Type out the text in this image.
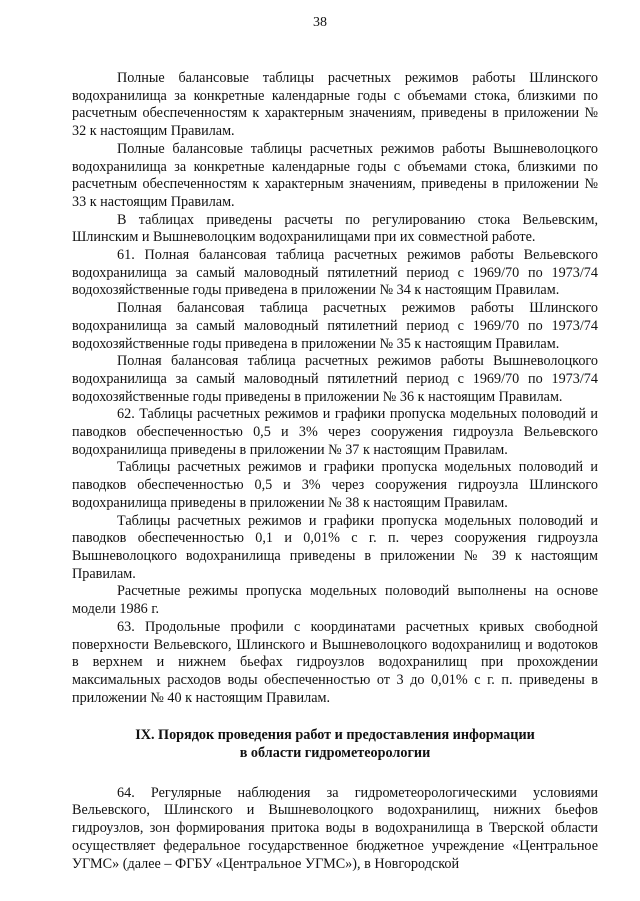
38

Полные балансовые таблицы расчетных режимов работы Шлинского водохранилища за конкретные календарные годы с объемами стока, близкими по расчетным обеспеченностям к характерным значениям, приведены в приложении № 32 к настоящим Правилам.

Полные балансовые таблицы расчетных режимов работы Вышневолоцкого водохранилища за конкретные календарные годы с объемами стока, близкими по расчетным обеспеченностям к характерным значениям, приведены в приложении № 33 к настоящим Правилам.

В таблицах приведены расчеты по регулированию стока Вельевским, Шлинским и Вышневолоцким водохранилищами при их совместной работе.

61. Полная балансовая таблица расчетных режимов работы Вельевского водохранилища за самый маловодный пятилетний период с 1969/70 по 1973/74 водохозяйственные годы приведена в приложении № 34 к настоящим Правилам.

Полная балансовая таблица расчетных режимов работы Шлинского водохранилища за самый маловодный пятилетний период с 1969/70 по 1973/74 водохозяйственные годы приведена в приложении № 35 к настоящим Правилам.

Полная балансовая таблица расчетных режимов работы Вышневолоцкого водохранилища за самый маловодный пятилетний период с 1969/70 по 1973/74 водохозяйственные годы приведены в приложении № 36 к настоящим Правилам.

62. Таблицы расчетных режимов и графики пропуска модельных половодий и паводков обеспеченностью 0,5 и 3% через сооружения гидроузла Вельевского водохранилища приведены в приложении № 37 к настоящим Правилам.

Таблицы расчетных режимов и графики пропуска модельных половодий и паводков обеспеченностью 0,5 и 3% через сооружения гидроузла Шлинского водохранилища приведены в приложении № 38 к настоящим Правилам.

Таблицы расчетных режимов и графики пропуска модельных половодий и паводков обеспеченностью 0,1 и 0,01% с г. п. через сооружения гидроузла Вышневолоцкого водохранилища приведены в приложении № 39 к настоящим Правилам.

Расчетные режимы пропуска модельных половодий выполнены на основе модели 1986 г.

63. Продольные профили с координатами расчетных кривых свободной поверхности Вельевского, Шлинского и Вышневолоцкого водохранилищ и водотоков в верхнем и нижнем бьефах гидроузлов водохранилищ при прохождении максимальных расходов воды обеспеченностью от 3 до 0,01% с г. п. приведены в приложении № 40 к настоящим Правилам.

IX. Порядок проведения работ и предоставления информации
в области гидрометеорологии

64. Регулярные наблюдения за гидрометеорологическими условиями Вельевского, Шлинского и Вышневолоцкого водохранилищ, нижних бьефов гидроузлов, зон формирования притока воды в водохранилища в Тверской области осуществляет федеральное государственное бюджетное учреждение «Центральное УГМС» (далее – ФГБУ «Центральное УГМС»), в Новгородской
